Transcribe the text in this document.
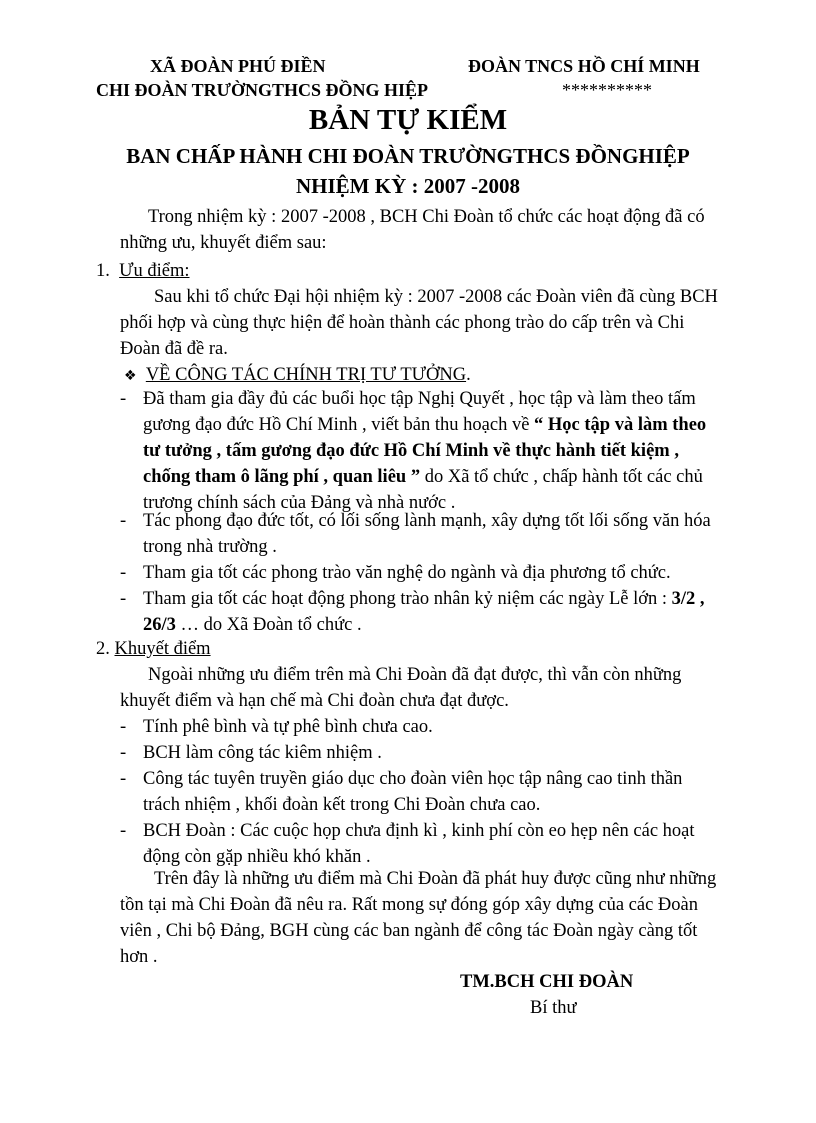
XÃ ĐOÀN PHÚ ĐIỀN
CHI ĐOÀN TRƯỜNGTHCS ĐỒNG HIỆP
ĐOÀN TNCS HỒ CHÍ MINH
**********
BẢN TỰ KIỂM
BAN CHẤP HÀNH CHI ĐOÀN TRƯỜNGTHCS ĐỒNGHIỆP
NHIỆM KỲ : 2007 -2008
Trong nhiệm kỳ : 2007 -2008 , BCH Chi Đoàn tổ chức các hoạt động đã có những ưu, khuyết điểm sau:
1. Ưu điểm:
Sau khi tổ chức Đại hội nhiệm kỳ : 2007 -2008 các Đoàn viên đã cùng BCH phối hợp và cùng thực hiện để hoàn thành các phong trào do cấp trên và Chi Đoàn đã đề ra.
❖ VỀ CÔNG TÁC CHÍNH TRỊ TƯ TƯỞNG.
- Đã tham gia đầy đủ các buổi học tập Nghị Quyết , học tập và làm theo tấm gương đạo đức Hồ Chí Minh , viết bản thu hoạch về “ Học tập và làm theo tư tưởng , tấm gương đạo đức Hồ Chí Minh về thực hành tiết kiệm , chống tham ô lãng phí , quan liêu ” do Xã tổ chức , chấp hành tốt các chủ trương chính sách của Đảng và nhà nước .
- Tác phong đạo đức tốt, có lối sống lành mạnh, xây dựng tốt lối sống văn hóa trong nhà trường .
- Tham gia tốt các phong trào văn nghệ do ngành và địa phương tổ chức.
- Tham gia tốt các hoạt động phong trào nhân kỷ niệm các ngày Lễ lớn : 3/2 , 26/3 … do Xã Đoàn tổ chức .
2. Khuyết điểm
Ngoài những ưu điểm trên mà Chi Đoàn đã đạt được, thì vẫn còn những khuyết điểm và hạn chế mà Chi đoàn chưa đạt được.
- Tính phê bình và tự phê bình chưa cao.
- BCH làm công tác kiêm nhiệm .
- Công tác tuyên truyền giáo dục cho đoàn viên học tập nâng cao tinh thần trách nhiệm , khối đoàn kết trong Chi Đoàn chưa cao.
- BCH Đoàn : Các cuộc họp chưa định kì , kinh phí còn eo hẹp nên các hoạt động còn gặp nhiều khó khăn .
Trên đây là những ưu điểm mà Chi Đoàn đã phát huy được cũng như những tồn tại mà Chi Đoàn đã nêu ra. Rất mong sự đóng góp xây dựng của các Đoàn viên , Chi bộ Đảng, BGH cùng các ban ngành để công tác Đoàn ngày càng tốt hơn .
TM.BCH CHI ĐOÀN
Bí thư
